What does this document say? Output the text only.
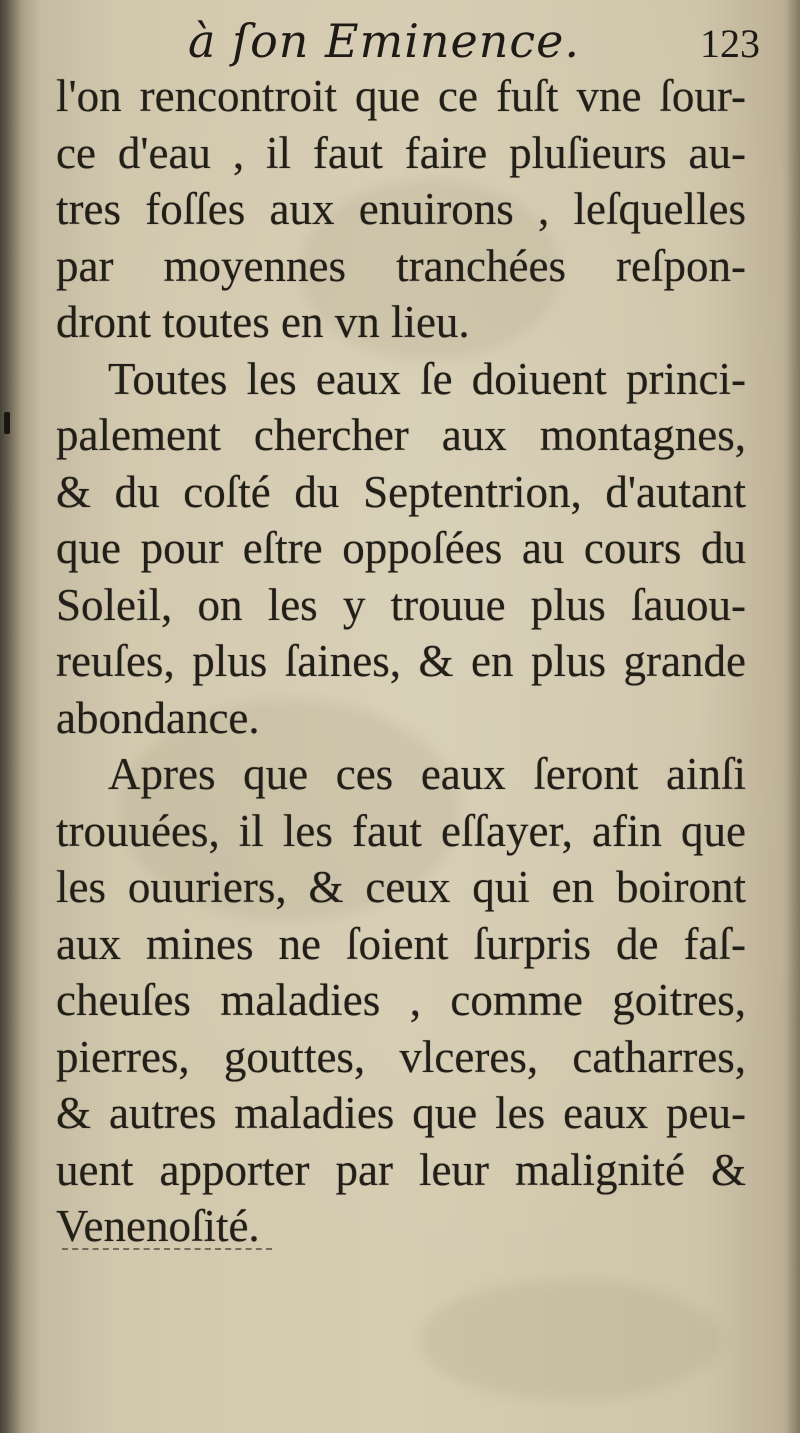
à ſon Eminence.	123
l'on rencontroit que ce fuſt vne ſour-
ce d'eau , il faut faire pluſieurs au-
tres foſſes aux enuirons , leſquelles
par moyennes tranchées reſpon-
dront toutes en vn lieu.
Toutes les eaux ſe doiuent princi-
palement chercher aux montagnes,
& du coſté du Septentrion, d'autant
que pour eſtre oppoſées au cours du
Soleil, on les y trouue plus ſauou-
reuſes, plus ſaines, & en plus grande
abondance.
Apres que ces eaux ſeront ainſi
trouuées, il les faut eſſayer, afin que
les ouuriers, & ceux qui en boiront
aux mines ne ſoient ſurpris de faſ-
cheuſes maladies , comme goitres,
pierres, gouttes, vlceres, catharres,
& autres maladies que les eaux peu-
uent apporter par leur malignité &
Venenoſité.
